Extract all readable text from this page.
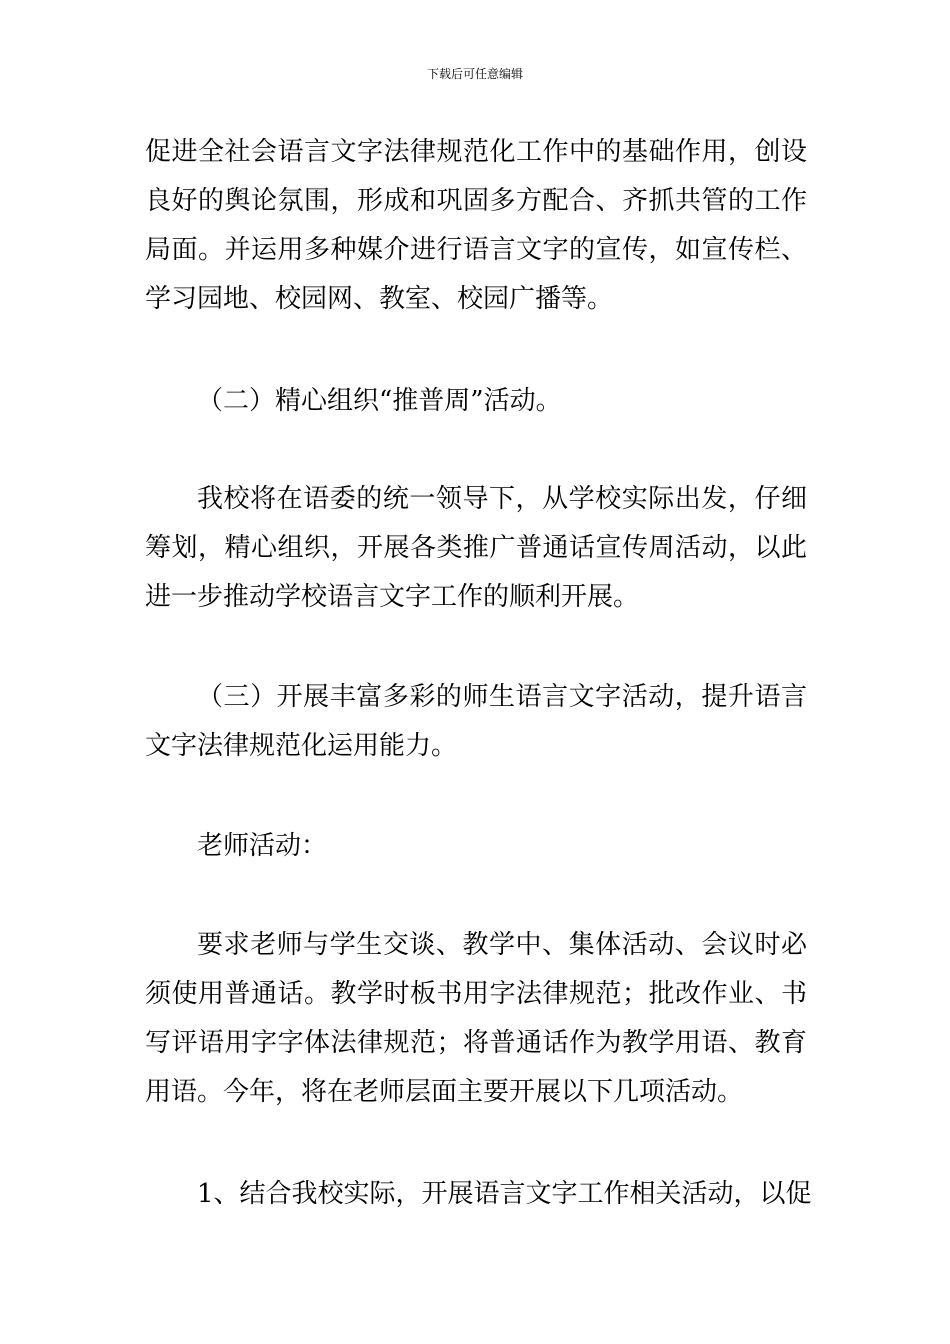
下载后可任意编辑
促进全社会语言文字法律规范化工作中的基础作用，创设
良好的舆论氛围，形成和巩固多方配合、齐抓共管的工作
局面。并运用多种媒介进行语言文字的宣传，如宣传栏、
学习园地、校园网、教室、校园广播等。
（二）精心组织“推普周”活动。
我校将在语委的统一领导下，从学校实际出发，仔细
筹划，精心组织，开展各类推广普通话宣传周活动，以此
进一步推动学校语言文字工作的顺利开展。
（三）开展丰富多彩的师生语言文字活动，提升语言
文字法律规范化运用能力。
老师活动：
要求老师与学生交谈、教学中、集体活动、会议时必
须使用普通话。教学时板书用字法律规范；批改作业、书
写评语用字字体法律规范；将普通话作为教学用语、教育
用语。今年，将在老师层面主要开展以下几项活动。
1、结合我校实际，开展语言文字工作相关活动，以促
